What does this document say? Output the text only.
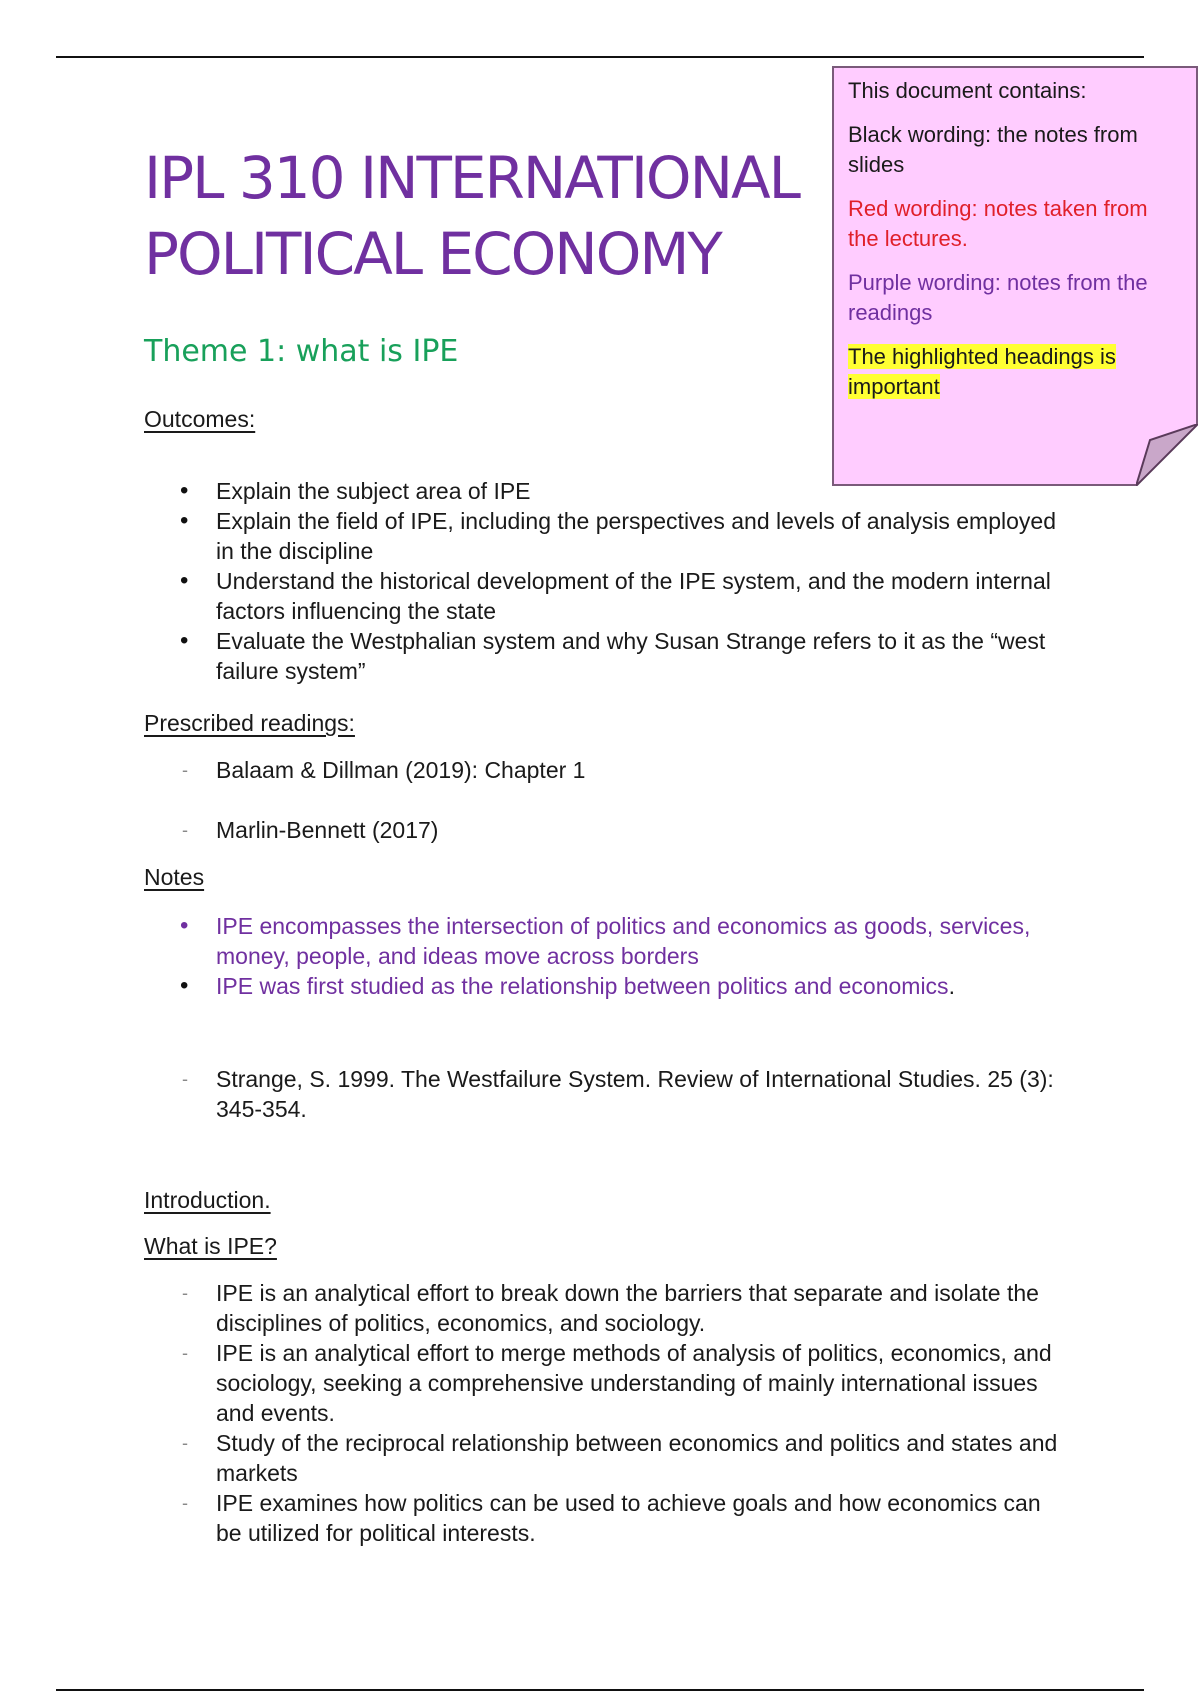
IPL 310 INTERNATIONAL
POLITICAL ECONOMY
Theme 1: what is IPE

This document contains:

Black wording: the notes from slides

Red wording: notes taken from the lectures.

Purple wording: notes from the readings

The highlighted headings is important

Outcomes:
• Explain the subject area of IPE
• Explain the field of IPE, including the perspectives and levels of analysis employed in the discipline
• Understand the historical development of the IPE system, and the modern internal factors influencing the state
• Evaluate the Westphalian system and why Susan Strange refers to it as the “west failure system”
Prescribed readings:
- Balaam & Dillman (2019): Chapter 1
- Marlin-Bennett (2017)
Notes
• IPE encompasses the intersection of politics and economics as goods, services, money, people, and ideas move across borders
• IPE was first studied as the relationship between politics and economics.
- Strange, S. 1999. The Westfailure System. Review of International Studies. 25 (3): 345-354.
Introduction.
What is IPE?
- IPE is an analytical effort to break down the barriers that separate and isolate the disciplines of politics, economics, and sociology.
- IPE is an analytical effort to merge methods of analysis of politics, economics, and sociology, seeking a comprehensive understanding of mainly international issues and events.
- Study of the reciprocal relationship between economics and politics and states and markets
- IPE examines how politics can be used to achieve goals and how economics can be utilized for political interests.
